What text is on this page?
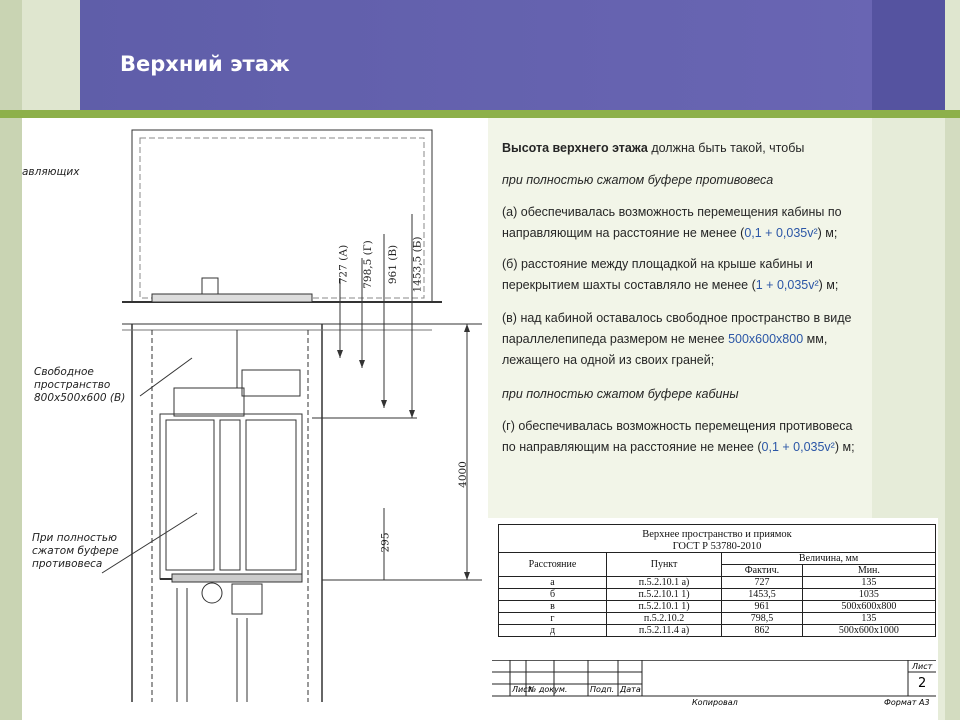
Верхний этаж
авляющих
Свободное
пространство
800х500х600 (В)
При полностью
сжатом буфере
противовеса
727 (А) 798,5 (Г) 961 (В) 1453,5 (Б)
4000
295
Высота верхнего этажа должна быть такой, чтобы
при полностью сжатом буфере противовеса
(а) обеспечивалась возможность перемещения кабины по направляющим на расстояние не менее (0,1 + 0,035v²) м;
(б) расстояние между площадкой на крыше кабины и перекрытием шахты составляло не менее (1 + 0,035v²) м;
(в) над кабиной оставалось свободное пространство в виде параллелепипеда размером не менее 500х600х800 мм, лежащего на одной из своих граней;
при полностью сжатом буфере кабины
(г) обеспечивалась возможность перемещения противовеса по направляющим на расстояние не менее (0,1 + 0,035v²) м;
Верхнее пространство и приямок
ГОСТ Р 53780-2010
Расстояние	Пункт	Величина, мм	
		Фактич.	Мин.
а	п.5.2.10.1 а)	727	135
б	п.5.2.10.1 1)	1453,5	1035
в	п.5.2.10.1 1)	961	500х600х800
г	п.5.2.10.2	798,5	135
д	п.5.2.11.4 а)	862	500х600х1000
Лист
№ докум.	Подп. Дата
Лист
2
Копировал	Формат А3
